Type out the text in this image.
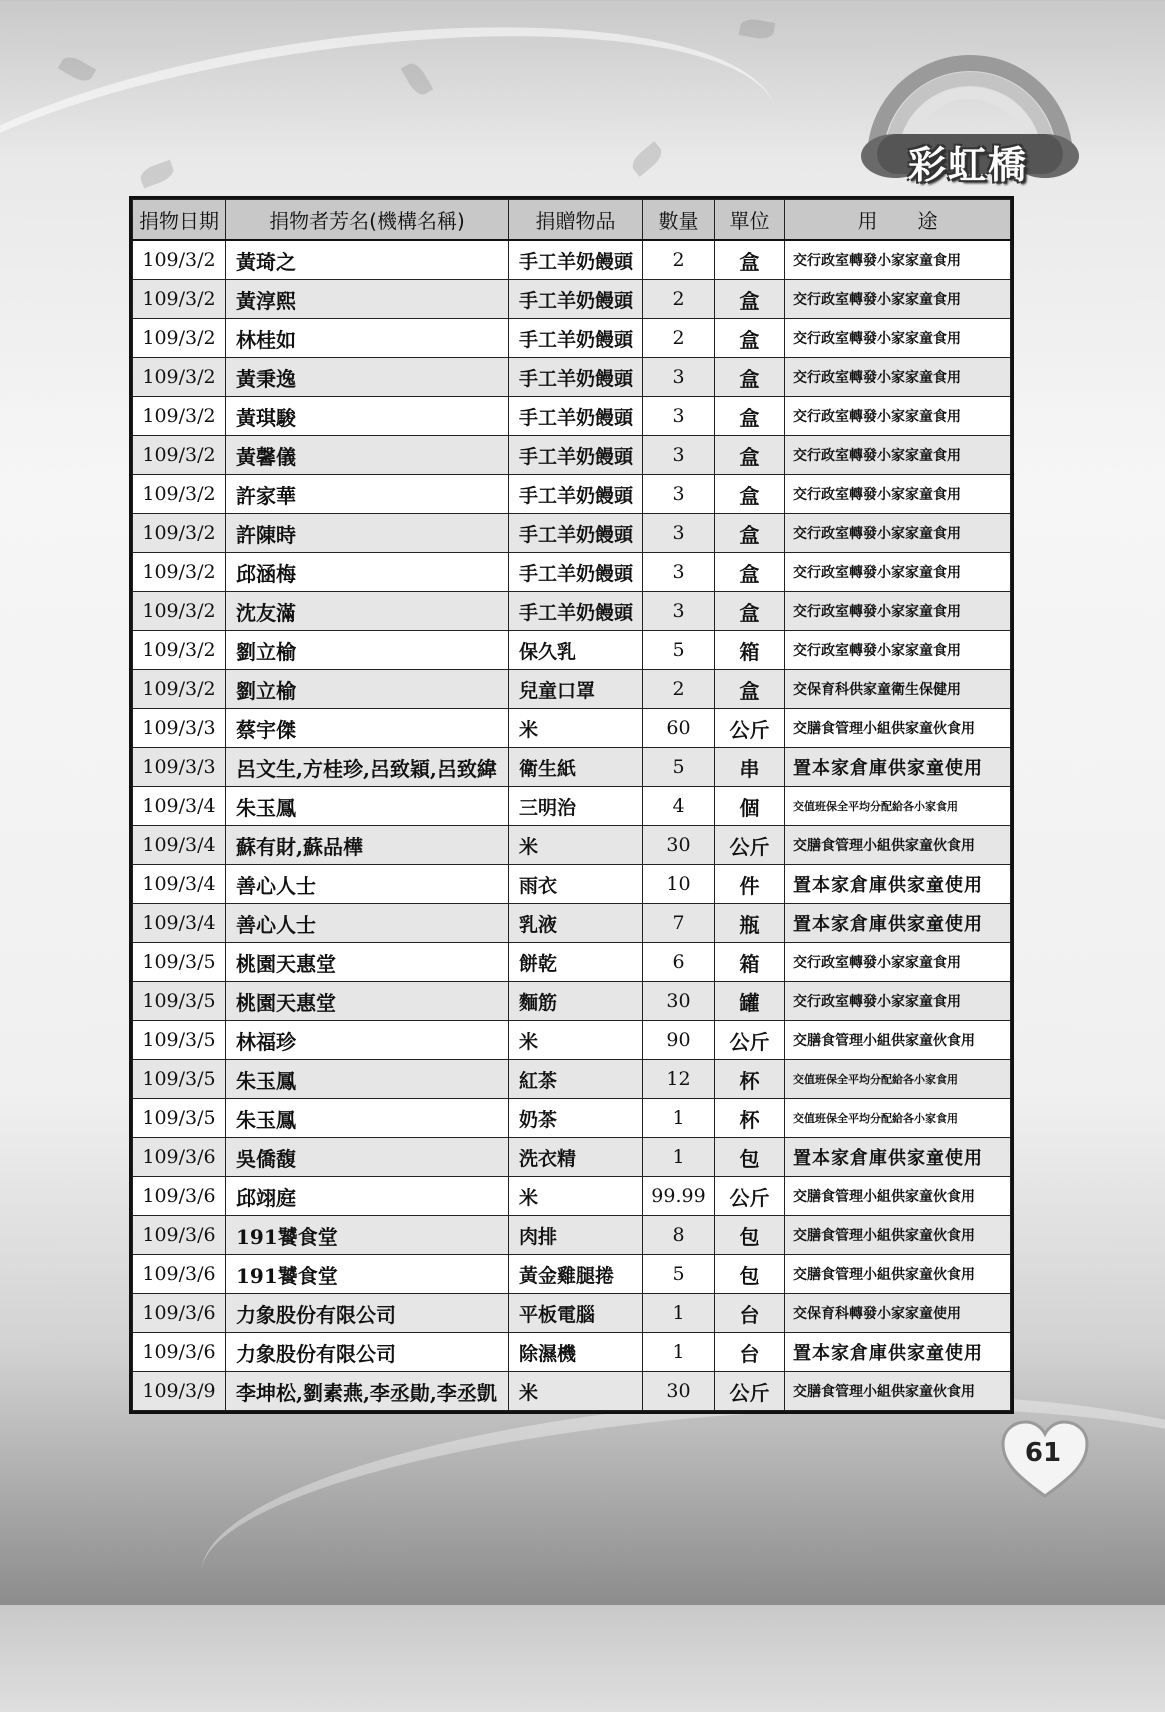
彩虹橋
捐物日期	捐物者芳名(機構名稱)	捐贈物品	數量	單位	用　　途
109/3/2	黃琦之	手工羊奶饅頭	2	盒	交行政室轉發小家家童食用
109/3/2	黃淳熙	手工羊奶饅頭	2	盒	交行政室轉發小家家童食用
109/3/2	林桂如	手工羊奶饅頭	2	盒	交行政室轉發小家家童食用
109/3/2	黃秉逸	手工羊奶饅頭	3	盒	交行政室轉發小家家童食用
109/3/2	黃琪駿	手工羊奶饅頭	3	盒	交行政室轉發小家家童食用
109/3/2	黃馨儀	手工羊奶饅頭	3	盒	交行政室轉發小家家童食用
109/3/2	許家華	手工羊奶饅頭	3	盒	交行政室轉發小家家童食用
109/3/2	許陳時	手工羊奶饅頭	3	盒	交行政室轉發小家家童食用
109/3/2	邱涵梅	手工羊奶饅頭	3	盒	交行政室轉發小家家童食用
109/3/2	沈友滿	手工羊奶饅頭	3	盒	交行政室轉發小家家童食用
109/3/2	劉立榆	保久乳	5	箱	交行政室轉發小家家童食用
109/3/2	劉立榆	兒童口罩	2	盒	交保育科供家童衛生保健用
109/3/3	蔡宇傑	米	60	公斤	交膳食管理小組供家童伙食用
109/3/3	呂文生,方桂珍,呂致穎,呂致緯	衛生紙	5	串	置本家倉庫供家童使用
109/3/4	朱玉鳳	三明治	4	個	交值班保全平均分配給各小家食用
109/3/4	蘇有財,蘇品樺	米	30	公斤	交膳食管理小組供家童伙食用
109/3/4	善心人士	雨衣	10	件	置本家倉庫供家童使用
109/3/4	善心人士	乳液	7	瓶	置本家倉庫供家童使用
109/3/5	桃園天惠堂	餅乾	6	箱	交行政室轉發小家家童食用
109/3/5	桃園天惠堂	麵筋	30	罐	交行政室轉發小家家童食用
109/3/5	林福珍	米	90	公斤	交膳食管理小組供家童伙食用
109/3/5	朱玉鳳	紅茶	12	杯	交值班保全平均分配給各小家食用
109/3/5	朱玉鳳	奶茶	1	杯	交值班保全平均分配給各小家食用
109/3/6	吳僑馥	洗衣精	1	包	置本家倉庫供家童使用
109/3/6	邱翊庭	米	99.99	公斤	交膳食管理小組供家童伙食用
109/3/6	191饕食堂	肉排	8	包	交膳食管理小組供家童伙食用
109/3/6	191饕食堂	黃金雞腿捲	5	包	交膳食管理小組供家童伙食用
109/3/6	力象股份有限公司	平板電腦	1	台	交保育科轉發小家家童使用
109/3/6	力象股份有限公司	除濕機	1	台	置本家倉庫供家童使用
109/3/9	李坤松,劉素燕,李丞勛,李丞凱	米	30	公斤	交膳食管理小組供家童伙食用
61
